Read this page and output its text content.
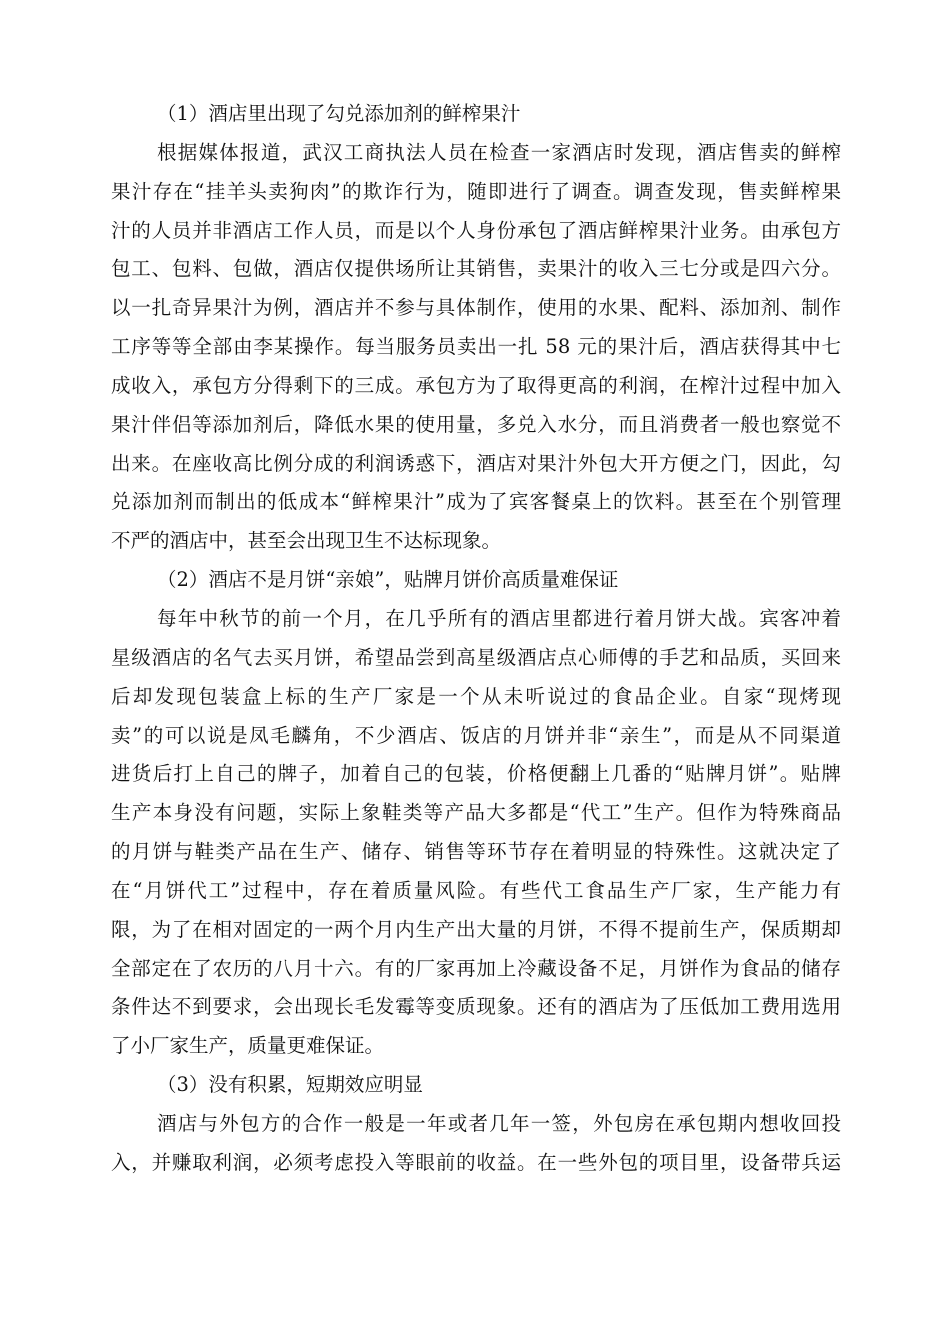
（1）酒店里出现了勾兑添加剂的鲜榨果汁
根据媒体报道，武汉工商执法人员在检查一家酒店时发现，酒店售卖的鲜榨
果汁存在“挂羊头卖狗肉”的欺诈行为，随即进行了调查。调查发现，售卖鲜榨果
汁的人员并非酒店工作人员，而是以个人身份承包了酒店鲜榨果汁业务。由承包方
包工、包料、包做，酒店仅提供场所让其销售，卖果汁的收入三七分或是四六分。
以一扎奇异果汁为例，酒店并不参与具体制作，使用的水果、配料、添加剂、制作
工序等等全部由李某操作。每当服务员卖出一扎 58 元的果汁后，酒店获得其中七
成收入，承包方分得剩下的三成。承包方为了取得更高的利润，在榨汁过程中加入
果汁伴侣等添加剂后，降低水果的使用量，多兑入水分，而且消费者一般也察觉不
出来。在座收高比例分成的利润诱惑下，酒店对果汁外包大开方便之门，因此，勾
兑添加剂而制出的低成本“鲜榨果汁”成为了宾客餐桌上的饮料。甚至在个别管理
不严的酒店中，甚至会出现卫生不达标现象。
（2）酒店不是月饼“亲娘”，贴牌月饼价高质量难保证
每年中秋节的前一个月，在几乎所有的酒店里都进行着月饼大战。宾客冲着
星级酒店的名气去买月饼，希望品尝到高星级酒店点心师傅的手艺和品质，买回来
后却发现包装盒上标的生产厂家是一个从未听说过的食品企业。自家“现烤现
卖”的可以说是凤毛麟角，不少酒店、饭店的月饼并非“亲生”，而是从不同渠道
进货后打上自己的牌子，加着自己的包装，价格便翻上几番的“贴牌月饼”。贴牌
生产本身没有问题，实际上象鞋类等产品大多都是“代工”生产。但作为特殊商品
的月饼与鞋类产品在生产、储存、销售等环节存在着明显的特殊性。这就决定了
在“月饼代工”过程中，存在着质量风险。有些代工食品生产厂家，生产能力有
限，为了在相对固定的一两个月内生产出大量的月饼，不得不提前生产，保质期却
全部定在了农历的八月十六。有的厂家再加上冷藏设备不足，月饼作为食品的储存
条件达不到要求，会出现长毛发霉等变质现象。还有的酒店为了压低加工费用选用
了小厂家生产，质量更难保证。
（3）没有积累，短期效应明显
酒店与外包方的合作一般是一年或者几年一签，外包房在承包期内想收回投
入，并赚取利润，必须考虑投入等眼前的收益。在一些外包的项目里，设备带兵运
